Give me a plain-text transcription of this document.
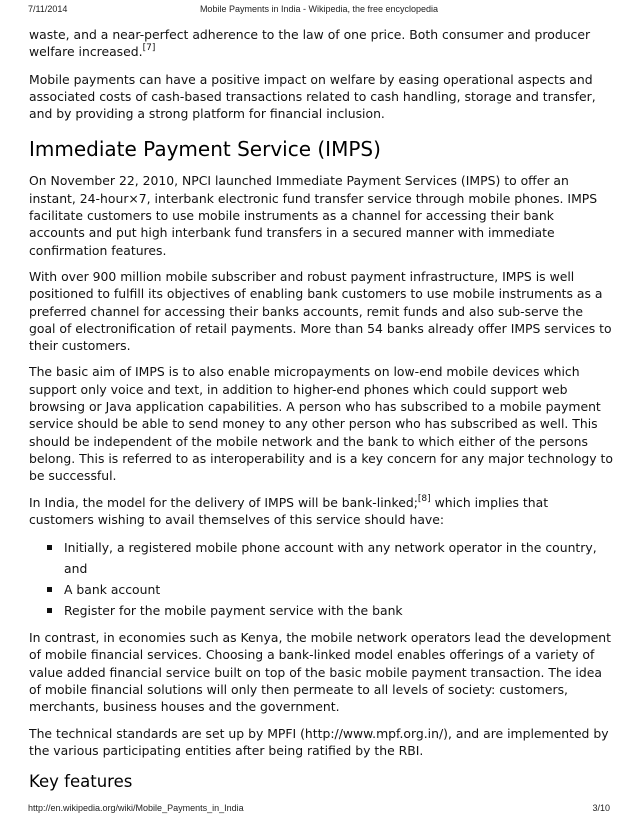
7/11/2014	Mobile Payments in India - Wikipedia, the free encyclopedia

waste, and a near-perfect adherence to the law of one price. Both consumer and producer welfare increased.[7]

Mobile payments can have a positive impact on welfare by easing operational aspects and associated costs of cash-based transactions related to cash handling, storage and transfer, and by providing a strong platform for financial inclusion.

Immediate Payment Service (IMPS)

On November 22, 2010, NPCI launched Immediate Payment Services (IMPS) to offer an instant, 24-hour×7, interbank electronic fund transfer service through mobile phones. IMPS facilitate customers to use mobile instruments as a channel for accessing their bank accounts and put high interbank fund transfers in a secured manner with immediate confirmation features.

With over 900 million mobile subscriber and robust payment infrastructure, IMPS is well positioned to fulfill its objectives of enabling bank customers to use mobile instruments as a preferred channel for accessing their banks accounts, remit funds and also sub-serve the goal of electronification of retail payments. More than 54 banks already offer IMPS services to their customers.

The basic aim of IMPS is to also enable micropayments on low-end mobile devices which support only voice and text, in addition to higher-end phones which could support web browsing or Java application capabilities. A person who has subscribed to a mobile payment service should be able to send money to any other person who has subscribed as well. This should be independent of the mobile network and the bank to which either of the persons belong. This is referred to as interoperability and is a key concern for any major technology to be successful.

In India, the model for the delivery of IMPS will be bank-linked;[8] which implies that customers wishing to avail themselves of this service should have:

Initially, a registered mobile phone account with any network operator in the country, and
A bank account
Register for the mobile payment service with the bank

In contrast, in economies such as Kenya, the mobile network operators lead the development of mobile financial services. Choosing a bank-linked model enables offerings of a variety of value added financial service built on top of the basic mobile payment transaction. The idea of mobile financial solutions will only then permeate to all levels of society: customers, merchants, business houses and the government.

The technical standards are set up by MPFI (http://www.mpf.org.in/), and are implemented by the various participating entities after being ratified by the RBI.

Key features
http://en.wikipedia.org/wiki/Mobile_Payments_in_India	3/10
